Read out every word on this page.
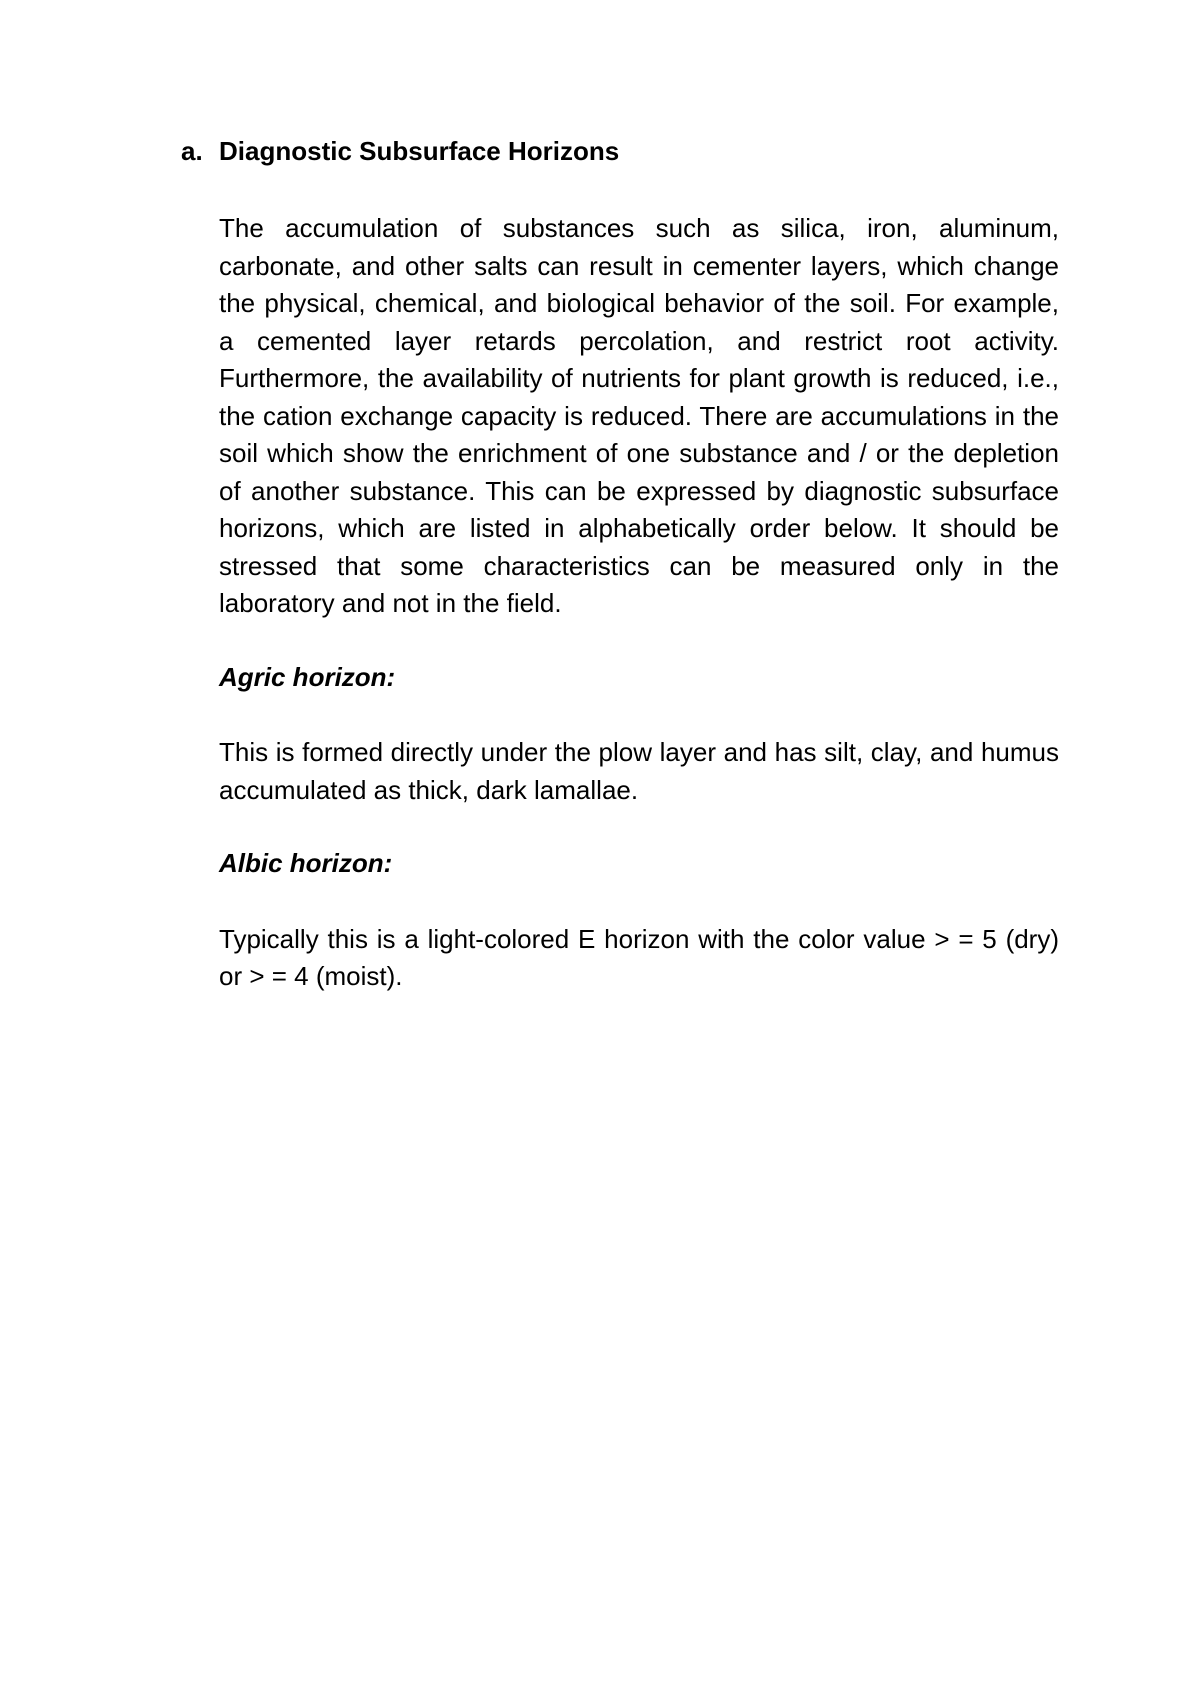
a. Diagnostic Subsurface Horizons

The accumulation of substances such as silica, iron, aluminum, carbonate, and other salts can result in cementer layers, which change the physical, chemical, and biological behavior of the soil. For example, a cemented layer retards percolation, and restrict root activity. Furthermore, the availability of nutrients for plant growth is reduced, i.e., the cation exchange capacity is reduced. There are accumulations in the soil which show the enrichment of one substance and / or the depletion of another substance. This can be expressed by diagnostic subsurface horizons, which are listed in alphabetically order below. It should be stressed that some characteristics can be measured only in the laboratory and not in the field.

Agric horizon:

This is formed directly under the plow layer and has silt, clay, and humus accumulated as thick, dark lamallae.

Albic horizon:

Typically this is a light-colored E horizon with the color value > = 5 (dry) or > = 4 (moist).
